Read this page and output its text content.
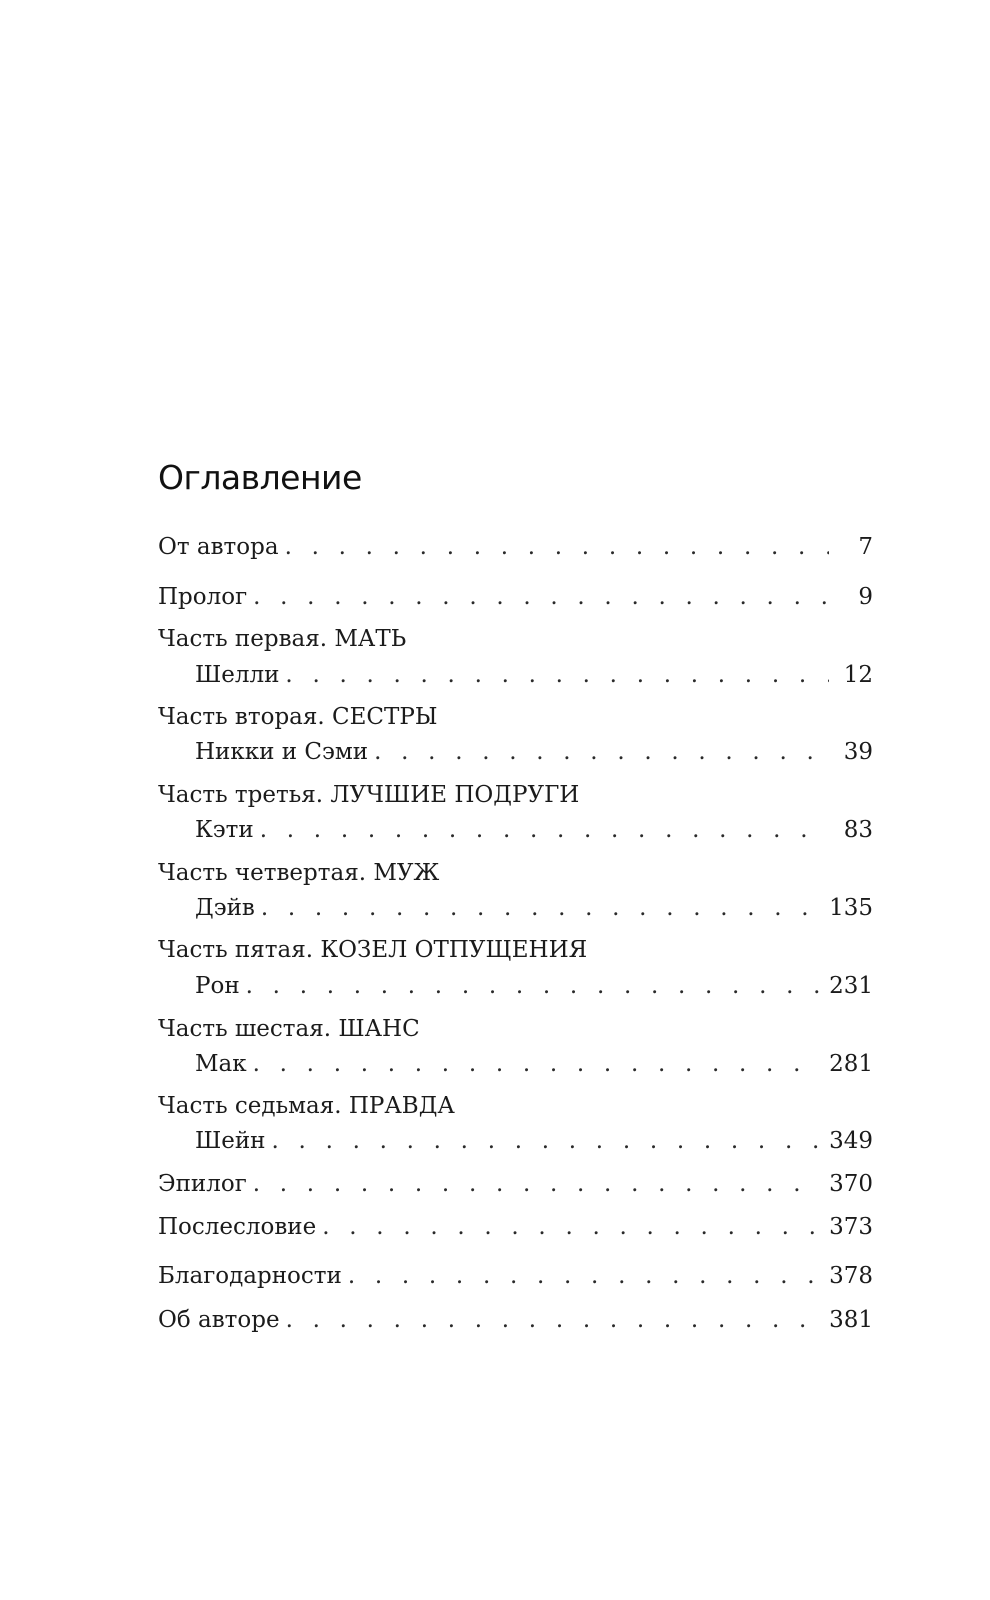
Оглавление
От автора . . .	7
Пролог . . .	9
Часть первая. МАТЬ
Шелли . . .	12
Часть вторая. СЕСТРЫ
Никки и Сэми . . .	39
Часть третья. ЛУЧШИЕ ПОДРУГИ
Кэти . . .	83
Часть четвертая. МУЖ
Дэйв . . .	135
Часть пятая. КОЗЕЛ ОТПУЩЕНИЯ
Рон . . .	231
Часть шестая. ШАНС
Мак . . .	281
Часть седьмая. ПРАВДА
Шейн . . .	349
Эпилог . . .	370
Послесловие . . .	373
Благодарности . . .	378
Об авторе . . .	381
